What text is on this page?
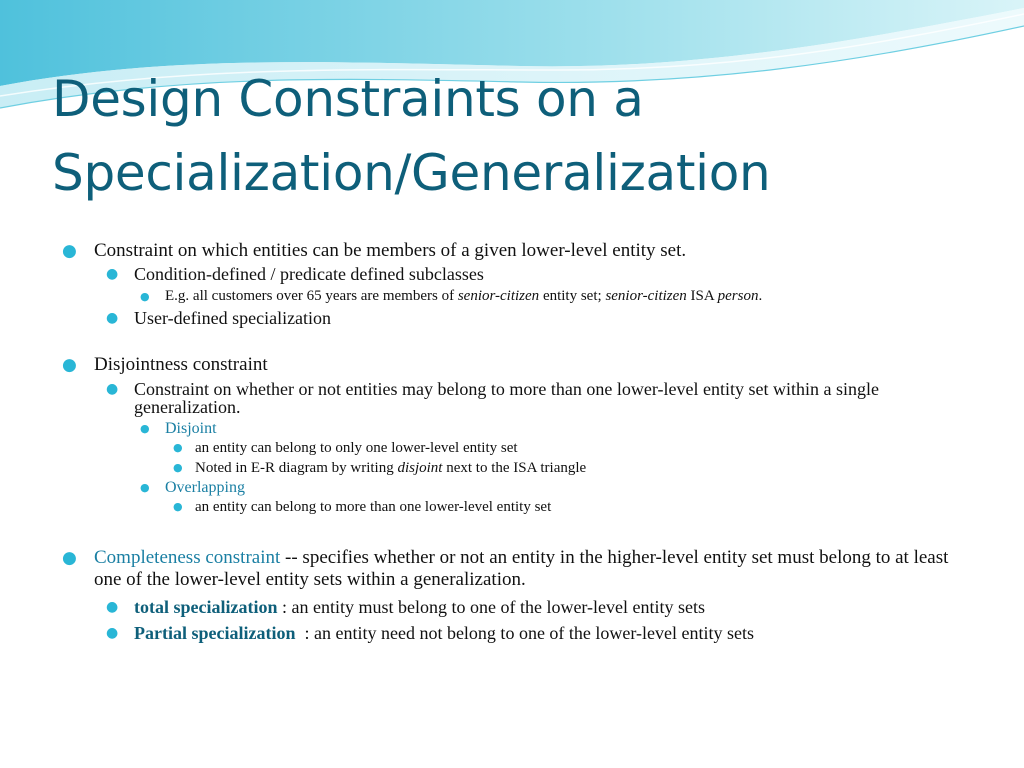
Design Constraints on a
Specialization/Generalization
● Constraint on which entities can be members of a given lower-level entity set.
● Condition-defined / predicate defined subclasses
● E.g. all customers over 65 years are members of senior-citizen entity set; senior-citizen ISA person.
● User-defined specialization
● Disjointness constraint
● Constraint on whether or not entities may belong to more than one lower-level entity set within a single generalization.
● Disjoint
● an entity can belong to only one lower-level entity set
● Noted in E-R diagram by writing disjoint next to the ISA triangle
● Overlapping
● an entity can belong to more than one lower-level entity set
● Completeness constraint -- specifies whether or not an entity in the higher-level entity set must belong to at least one of the lower-level entity sets within a generalization.
● total specialization : an entity must belong to one of the lower-level entity sets
● Partial specialization  : an entity need not belong to one of the lower-level entity sets
